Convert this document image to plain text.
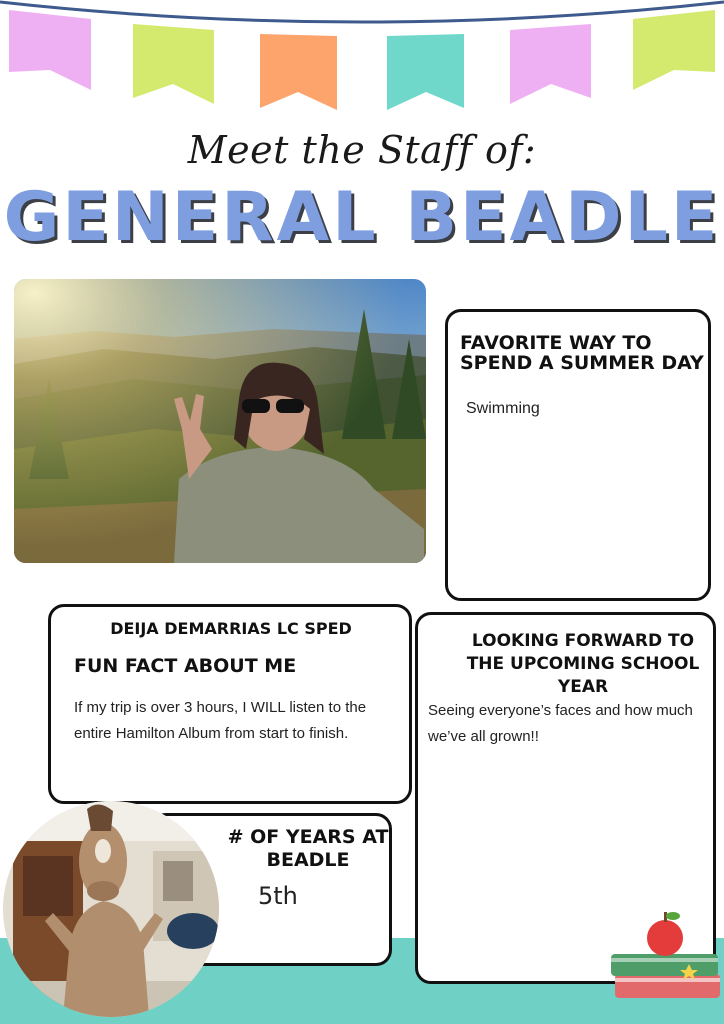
Meet the Staff of:
GENERAL BEADLE
FAVORITE WAY TO SPEND A SUMMER DAY
Swimming
DEIJA DEMARRIAS LC SPED
FUN FACT ABOUT ME
If my trip is over 3 hours, I WILL listen to the entire Hamilton Album from start to finish.
LOOKING FORWARD TO THE UPCOMING SCHOOL YEAR
Seeing everyone’s faces and how much we’ve all grown!!
# OF YEARS AT BEADLE
5th
